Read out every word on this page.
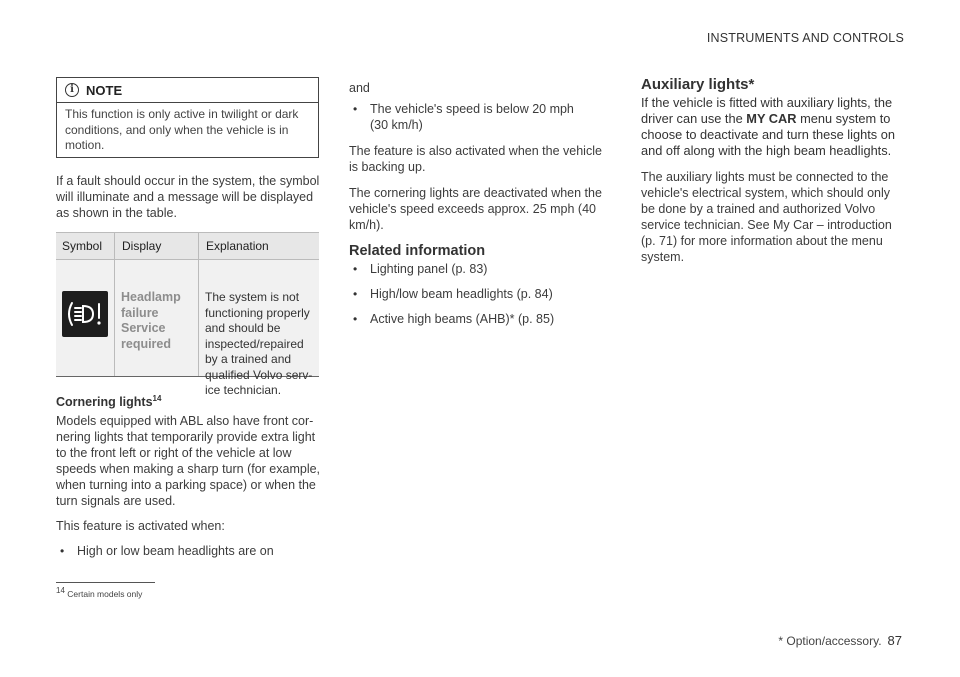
INSTRUMENTS AND CONTROLS
i NOTE
This function is only active in twilight or dark conditions, and only when the vehicle is in motion.

If a fault should occur in the system, the symbol will illuminate and a message will be displayed as shown in the table.

Symbol Display	Explanation
Headlamp
failure
Service
required
The system is not
functioning properly
and should be
inspected/repaired
by a trained and
qualified Volvo serv-
ice technician.
Cornering lights$^{14}$

Models equipped with ABL also have front cor-nering lights that temporarily provide extra light to the front left or right of the vehicle at low speeds when making a sharp turn (for example, when turning into a parking space) or when the turn signals are used.

This feature is activated when:

• High or low beam headlights are on

and

• The vehicle's speed is below 20 mph (30 km/h)

The feature is also activated when the vehicle is backing up.

The cornering lights are deactivated when the vehicle's speed exceeds approx. 25 mph (40 km/h).

Related information

• Lighting panel (p. 83)

• High/low beam headlights (p. 84)

• Active high beams (AHB)* (p. 85)

Auxiliary lights*

If the vehicle is fitted with auxiliary lights, the driver can use the MY CAR menu system to choose to deactivate and turn these lights on and off along with the high beam headlights.

The auxiliary lights must be connected to the vehicle's electrical system, which should only be done by a trained and authorized Volvo service technician. See My Car – introduction (p. 71) for more information about the menu system.

$^{14}$ Certain models only
* Option/accessory. 87
